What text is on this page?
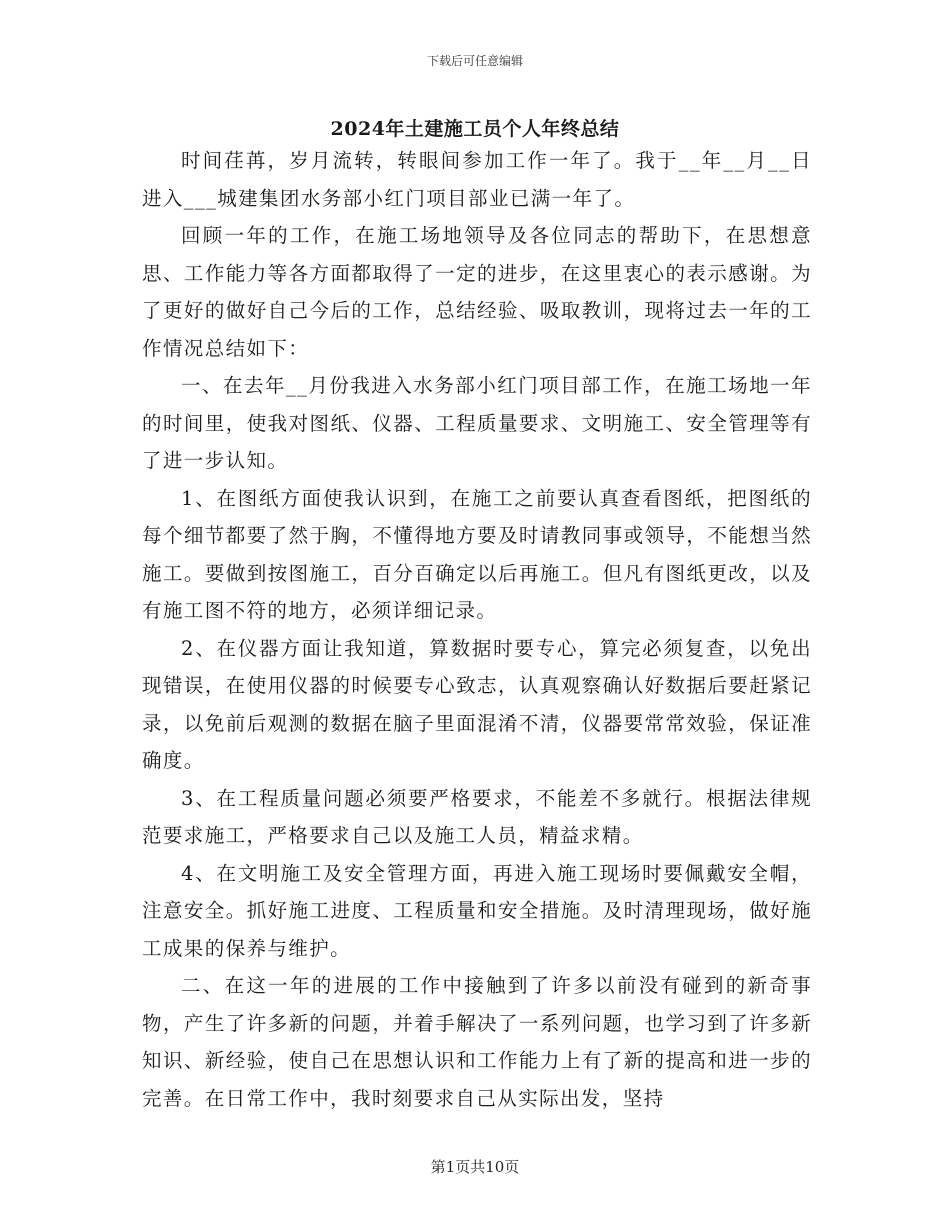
下载后可任意编辑
2024年土建施工员个人年终总结

时间荏苒，岁月流转，转眼间参加工作一年了。我于__年__月__日进入___城建集团水务部小红门项目部业已满一年了。

回顾一年的工作，在施工场地领导及各位同志的帮助下，在思想意思、工作能力等各方面都取得了一定的进步，在这里衷心的表示感谢。为了更好的做好自己今后的工作，总结经验、吸取教训，现将过去一年的工作情况总结如下：

一、在去年__月份我进入水务部小红门项目部工作，在施工场地一年的时间里，使我对图纸、仪器、工程质量要求、文明施工、安全管理等有了进一步认知。

1、在图纸方面使我认识到，在施工之前要认真查看图纸，把图纸的每个细节都要了然于胸，不懂得地方要及时请教同事或领导，不能想当然施工。要做到按图施工，百分百确定以后再施工。但凡有图纸更改，以及有施工图不符的地方，必须详细记录。

2、在仪器方面让我知道，算数据时要专心，算完必须复查，以免出现错误，在使用仪器的时候要专心致志，认真观察确认好数据后要赶紧记录，以免前后观测的数据在脑子里面混淆不清，仪器要常常效验，保证准确度。

3、在工程质量问题必须要严格要求，不能差不多就行。根据法律规范要求施工，严格要求自己以及施工人员，精益求精。

4、在文明施工及安全管理方面，再进入施工现场时要佩戴安全帽，注意安全。抓好施工进度、工程质量和安全措施。及时清理现场，做好施工成果的保养与维护。

二、在这一年的进展的工作中接触到了许多以前没有碰到的新奇事物，产生了许多新的问题，并着手解决了一系列问题，也学习到了许多新知识、新经验，使自己在思想认识和工作能力上有了新的提高和进一步的完善。在日常工作中，我时刻要求自己从实际出发，坚持

第1页共10页
